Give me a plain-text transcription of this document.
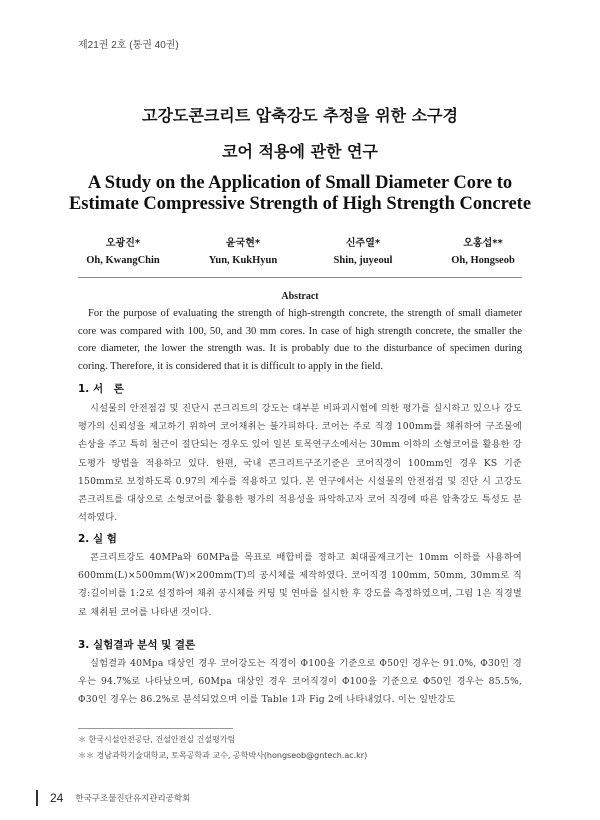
제21권 2호 (통권 40권)
고강도콘크리트 압축강도 추정을 위한 소구경
코어 적용에 관한 연구
A Study on the Application of Small Diameter Core to
Estimate Compressive Strength of High Strength Concrete
오광진*
Oh, KwangChin
윤국현*
Yun, KukHyun
신주열*
Shin, juyeoul
오홍섭**
Oh, Hongseob
Abstract

For the purpose of evaluating the strength of high-strength concrete, the strength of small diameter core was compared with 100, 50, and 30 mm cores. In case of high strength concrete, the smaller the core diameter, the lower the strength was. It is probably due to the disturbance of specimen during coring. Therefore, it is considered that it is difficult to apply in the field.

1. 서　론

시설물의 안전점검 및 진단시 콘크리트의 강도는 대부분 비파괴시험에 의한 평가를 실시하고 있으나 강도평가의 신뢰성을 제고하기 위하여 코어채취는 불가피하다. 코어는 주로 직경 100mm를 채취하여 구조물에 손상을 주고 특히 철근이 절단되는 경우도 있어 일본 토목연구소에서는 30mm 이하의 소형코어를 활용한 강도평가 방법을 적용하고 있다. 한편, 국내 콘크리트구조기준은 코어직경이 100mm인 경우 KS 기준 150mm로 보정하도록 0.97의 계수를 적용하고 있다. 본 연구에서는 시설물의 안전점검 및 진단 시 고강도콘크리트를 대상으로 소형코어를 활용한 평가의 적용성을 파악하고자 코어 직경에 따른 압축강도 특성도 분석하였다.

2. 실 험

콘크리트강도 40MPa와 60MPa를 목표로 배합비를 정하고 최대골재크기는 10mm 이하를 사용하여 600mm(L)×500mm(W)×200mm(T)의 공시체를 제작하였다. 코어직경 100mm, 50mm, 30mm로 직경:길이비를 1:2로 설정하여 채취 공시체를 커팅 및 연마를 실시한 후 강도를 측정하였으며, 그림 1은 직경별로 채취된 코어를 나타낸 것이다.

3. 실험결과 분석 및 결론

실험결과 40Mpa 대상인 경우 코어강도는 직경이 Φ100을 기준으로 Φ50인 경우는 91.0%, Φ30인 경우는 94.7%로 나타났으며, 60Mpa 대상인 경우 코어직경이 Φ100을 기준으로 Φ50인 경우는 85.5%, Φ30인 경우는 86.2%로 분석되었으며 이를 Table 1과 Fig 2에 나타내었다. 이는 일반강도

＊ 한국시설안전공단, 건설안전실 건설평가팀

＊＊ 경남과학기술대학교, 토목공학과 교수, 공학박사(hongseob@gntech.ac.kr)

24 한국구조물진단유지관리공학회
